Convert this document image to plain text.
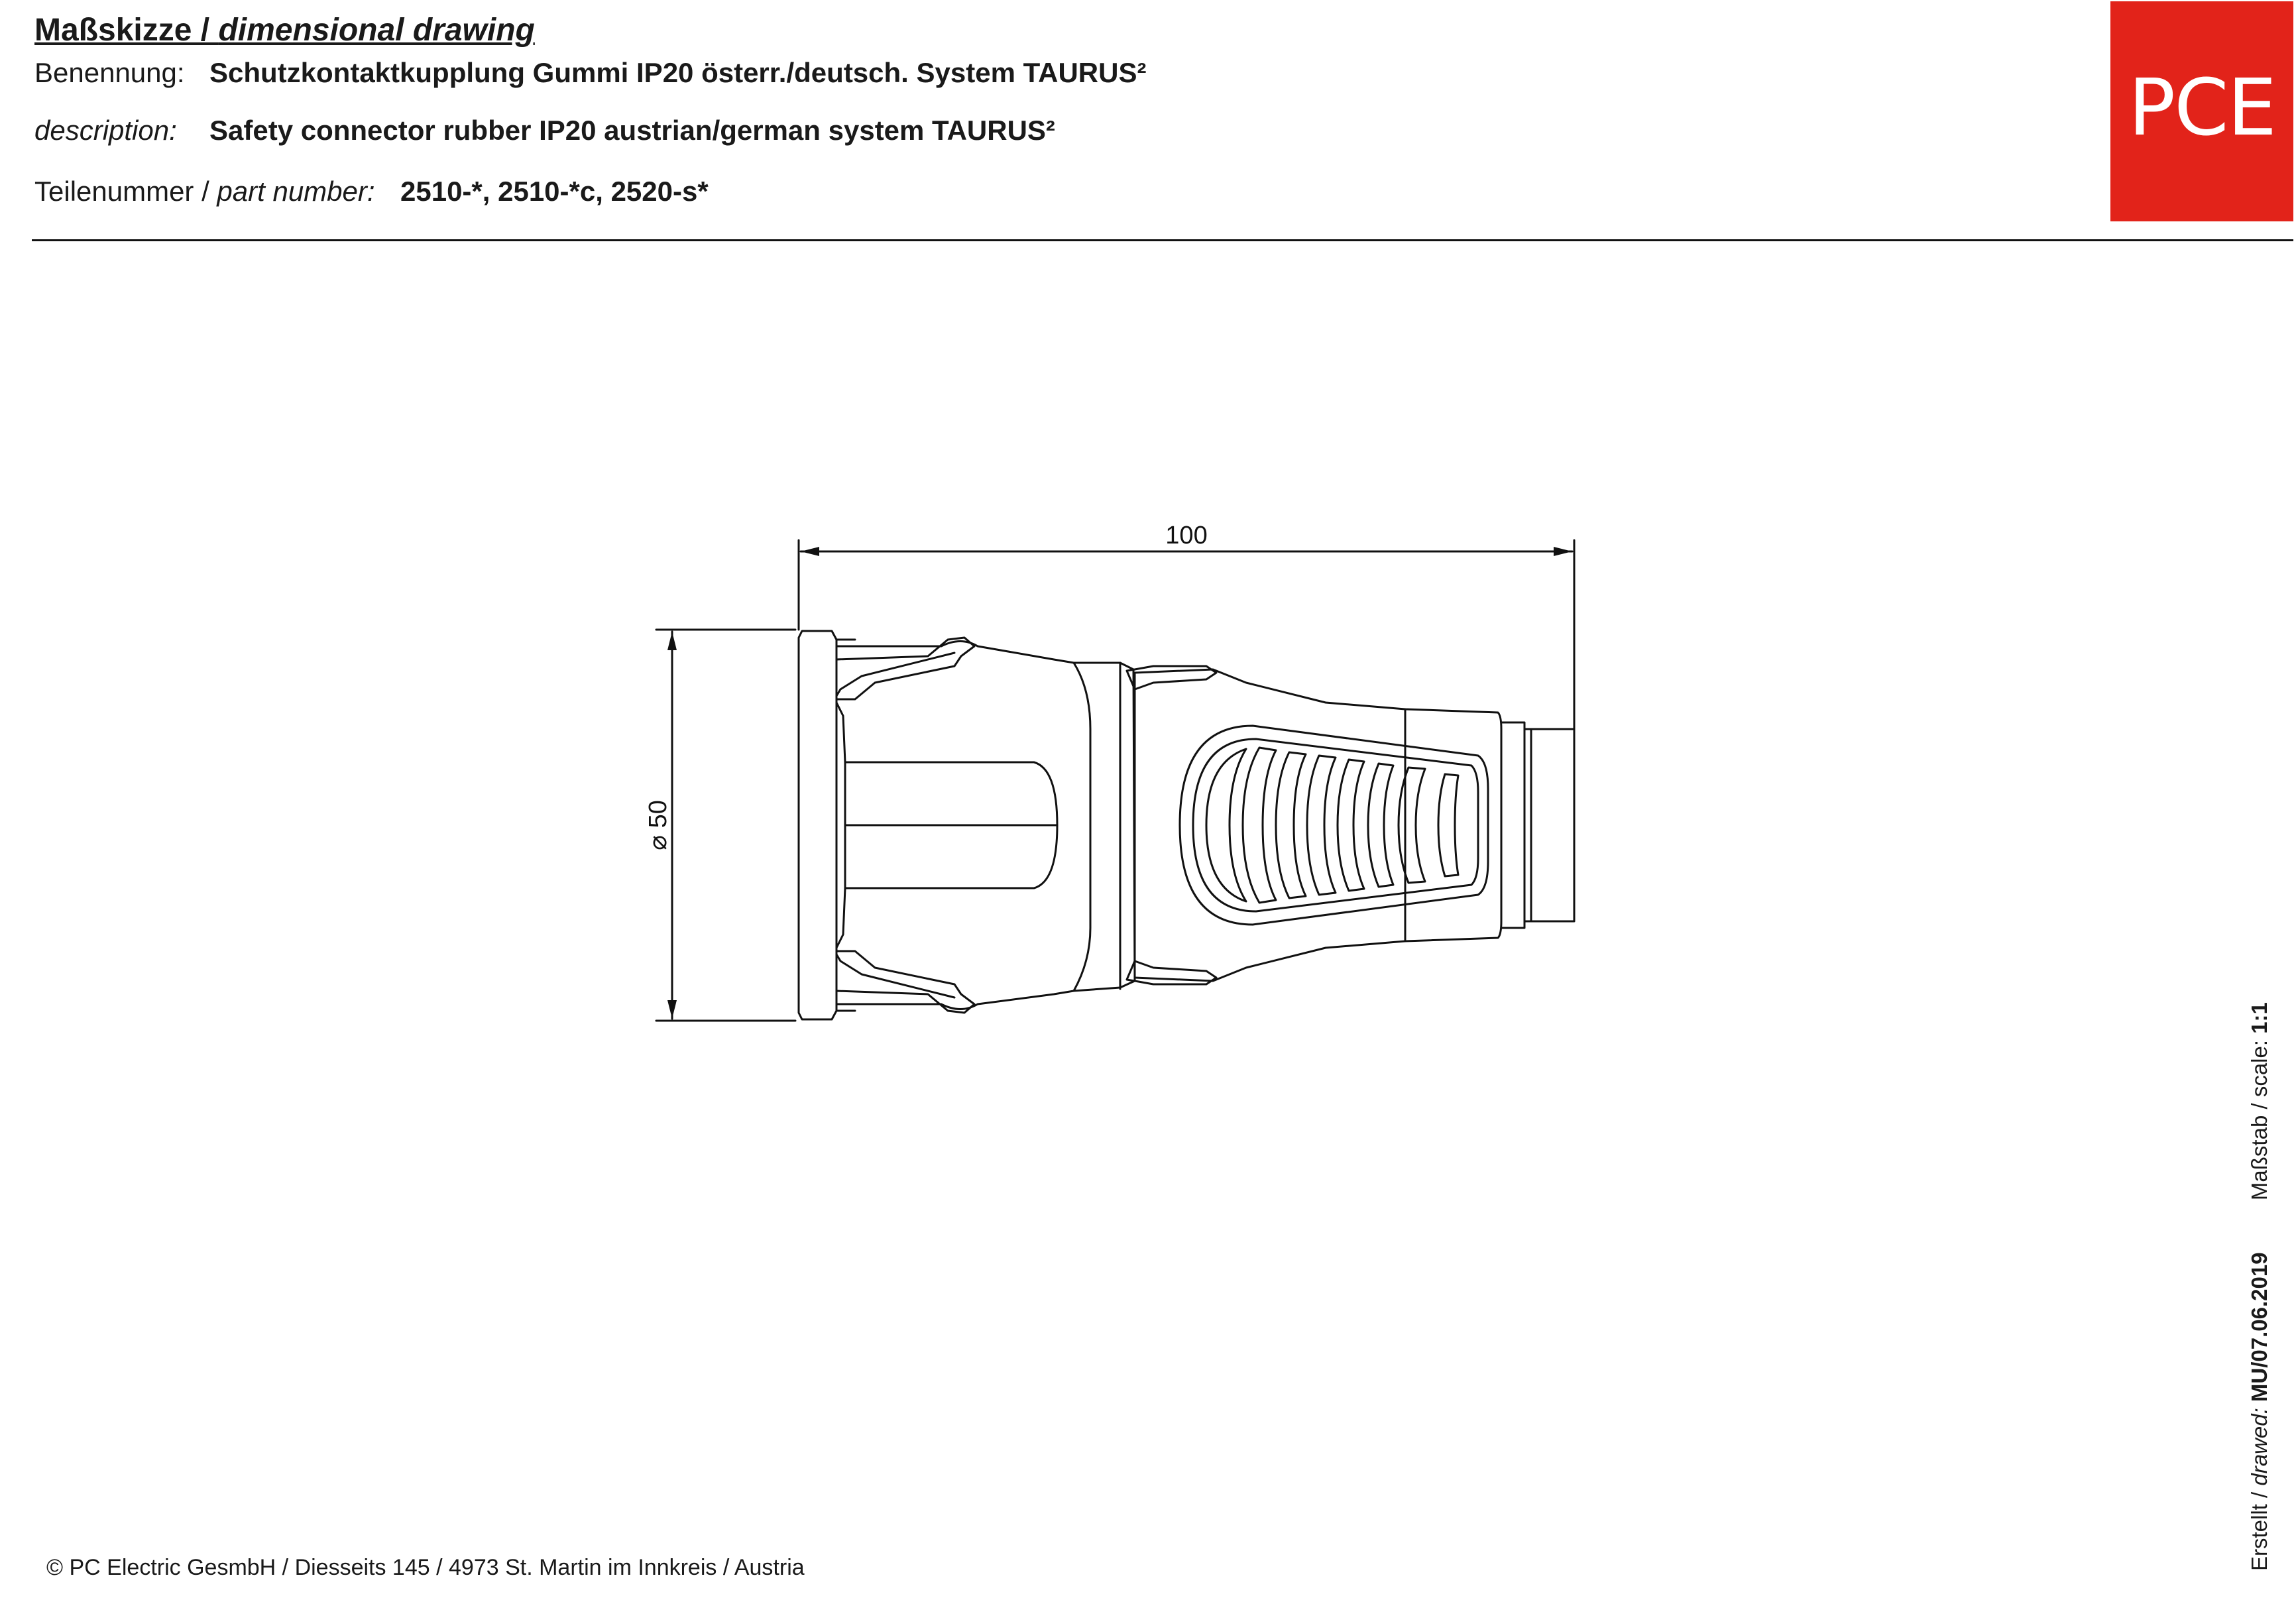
Maßskizze / dimensional drawing
Benennung: Schutzkontaktkupplung Gummi IP20 österr./deutsch. System TAURUS²
description: Safety connector rubber IP20 austrian/german system TAURUS²
Teilenummer / part number: 2510-*, 2510-*c, 2520-s*
PCE
100
⌀ 50
Erstellt / drawed: MU/07.06.2019  Maßstab / scale: 1:1
© PC Electric GesmbH / Diesseits 145 / 4973 St. Martin im Innkreis / Austria
